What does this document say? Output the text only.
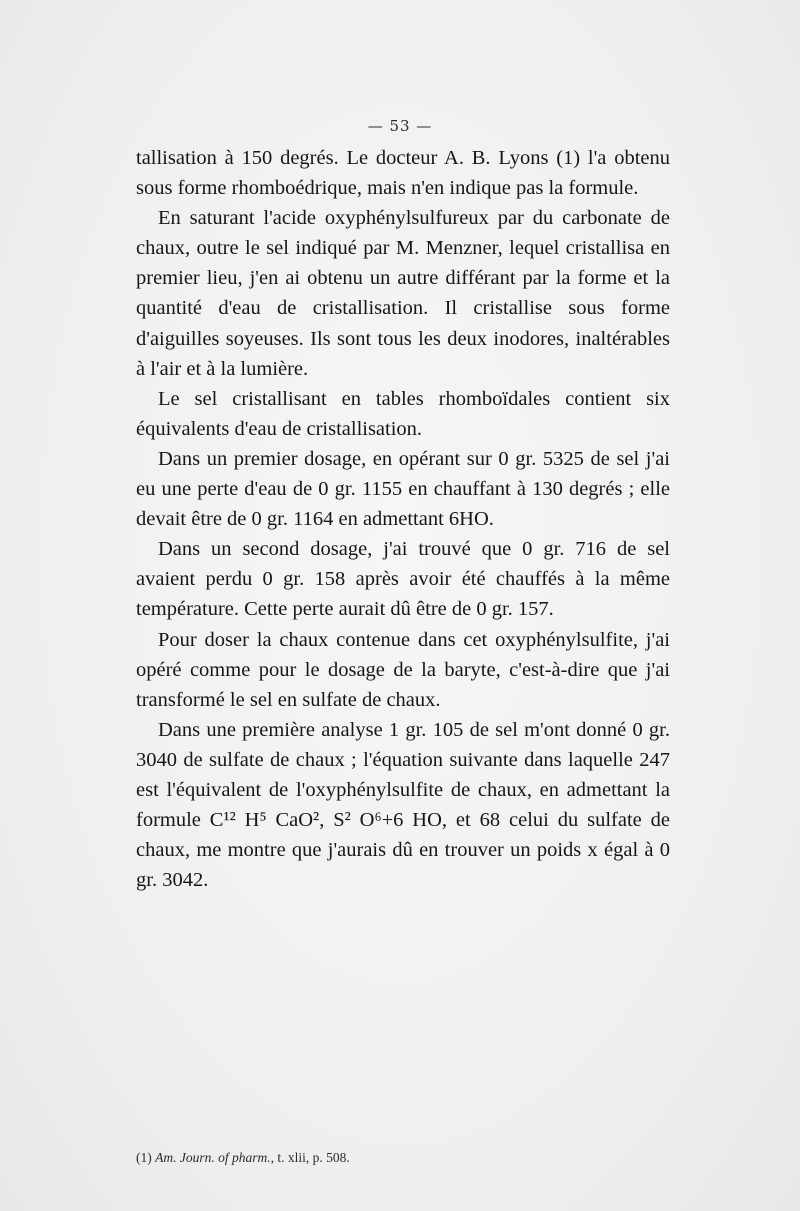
— 53 —

tallisation à 150 degrés. Le docteur A. B. Lyons (1) l'a obtenu sous forme rhomboédrique, mais n'en indique pas la formule.

En saturant l'acide oxyphénylsulfureux par du carbonate de chaux, outre le sel indiqué par M. Menzner, lequel cristallisa en premier lieu, j'en ai obtenu un autre différant par la forme et la quantité d'eau de cristallisation. Il cristallise sous forme d'aiguilles soyeuses. Ils sont tous les deux inodores, inaltérables à l'air et à la lumière.

Le sel cristallisant en tables rhomboïdales contient six équivalents d'eau de cristallisation.

Dans un premier dosage, en opérant sur 0 gr. 5325 de sel j'ai eu une perte d'eau de 0 gr. 1155 en chauffant à 130 degrés ; elle devait être de 0 gr. 1164 en admettant 6HO.

Dans un second dosage, j'ai trouvé que 0 gr. 716 de sel avaient perdu 0 gr. 158 après avoir été chauffés à la même température. Cette perte aurait dû être de 0 gr. 157.

Pour doser la chaux contenue dans cet oxyphénylsulfite, j'ai opéré comme pour le dosage de la baryte, c'est-à-dire que j'ai transformé le sel en sulfate de chaux.

Dans une première analyse 1 gr. 105 de sel m'ont donné 0 gr. 3040 de sulfate de chaux ; l'équation suivante dans laquelle 247 est l'équivalent de l'oxyphénylsulfite de chaux, en admettant la formule C¹² H⁵ CaO², S² O⁶+6 HO, et 68 celui du sulfate de chaux, me montre que j'aurais dû en trouver un poids x égal à 0 gr. 3042.

(1) Am. Journ. of pharm., t. xlii, p. 508.
